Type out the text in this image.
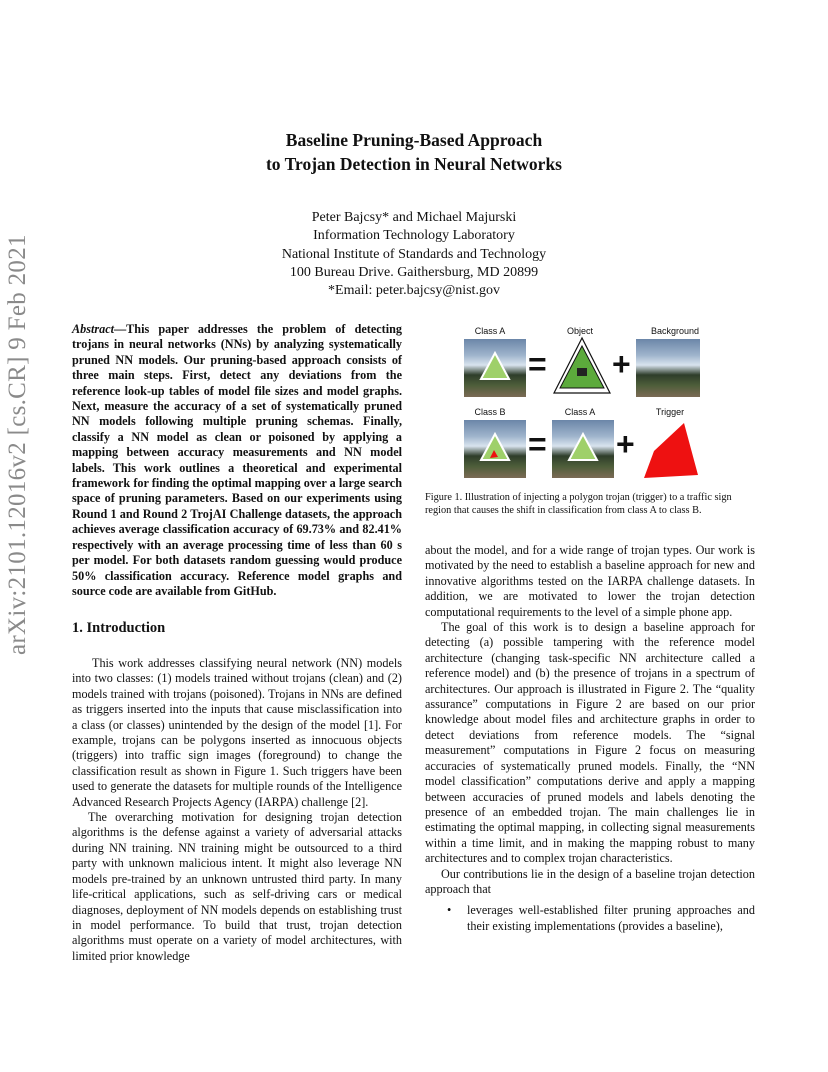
arXiv:2101.12016v2 [cs.CR] 9 Feb 2021
Baseline Pruning-Based Approach
to Trojan Detection in Neural Networks
Peter Bajcsy* and Michael Majurski
Information Technology Laboratory
National Institute of Standards and Technology
100 Bureau Drive. Gaithersburg, MD 20899
*Email: peter.bajcsy@nist.gov
Abstract—This paper addresses the problem of detecting trojans in neural networks (NNs) by analyzing systematically pruned NN models. Our pruning-based approach consists of three main steps. First, detect any deviations from the reference look-up tables of model file sizes and model graphs. Next, measure the accuracy of a set of systematically pruned NN models following multiple pruning schemas. Finally, classify a NN model as clean or poisoned by applying a mapping between accuracy measurements and NN model labels. This work outlines a theoretical and experimental framework for finding the optimal mapping over a large search space of pruning parameters. Based on our experiments using Round 1 and Round 2 TrojAI Challenge datasets, the approach achieves average classification accuracy of 69.73% and 82.41% respectively with an average processing time of less than 60 s per model. For both datasets random guessing would produce 50% classification accuracy. Reference model graphs and source code are available from GitHub.
1. Introduction

This work addresses classifying neural network (NN) models into two classes: (1) models trained without trojans (clean) and (2) models trained with trojans (poisoned). Trojans in NNs are defined as triggers inserted into the inputs that cause misclassification into a class (or classes) unintended by the design of the model [1]. For example, trojans can be polygons inserted as innocuous objects (triggers) into traffic sign images (foreground) to change the classification result as shown in Figure 1. Such triggers have been used to generate the datasets for multiple rounds of the Intelligence Advanced Research Projects Agency (IARPA) challenge [2].

The overarching motivation for designing trojan detection algorithms is the defense against a variety of adversarial attacks during NN training. NN training might be outsourced to a third party with unknown malicious intent. It might also leverage NN models pre-trained by an unknown untrusted third party. In many life-critical applications, such as self-driving cars or medical diagnoses, deployment of NN models depends on establishing trust in model performance. To build that trust, trojan detection algorithms must operate on a variety of model architectures, with limited prior knowledge

Class A	Object	Background
= +
Class B	Class A	Trigger
= +
Figure 1. Illustration of injecting a polygon trojan (trigger) to a traffic sign region that causes the shift in classification from class A to class B.

about the model, and for a wide range of trojan types. Our work is motivated by the need to establish a baseline approach for new and innovative algorithms tested on the IARPA challenge datasets. In addition, we are motivated to lower the trojan detection computational requirements to the level of a simple phone app.

The goal of this work is to design a baseline approach for detecting (a) possible tampering with the reference model architecture (changing task-specific NN architecture called a reference model) and (b) the presence of trojans in a spectrum of architectures. Our approach is illustrated in Figure 2. The “quality assurance” computations in Figure 2 are based on our prior knowledge about model files and architecture graphs in order to detect deviations from reference models. The “signal measurement” computations in Figure 2 focus on measuring accuracies of systematically pruned models. Finally, the “NN model classification” computations derive and apply a mapping between accuracies of pruned models and labels denoting the presence of an embedded trojan. The main challenges lie in estimating the optimal mapping, in collecting signal measurements within a time limit, and in making the mapping robust to many architectures and to complex trojan characteristics.

Our contributions lie in the design of a baseline trojan detection approach that

• leverages well-established filter pruning approaches and their existing implementations (provides a baseline),
